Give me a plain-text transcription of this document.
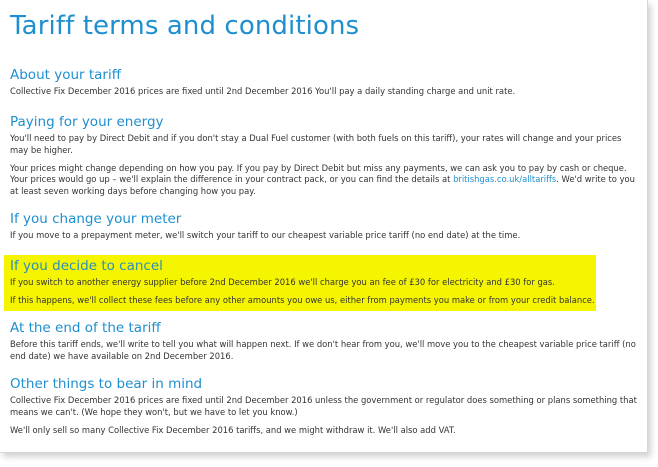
Tariff terms and conditions
About your tariff
Collective Fix December 2016 prices are fixed until 2nd December 2016 You'll pay a daily standing charge and unit rate.
Paying for your energy
You'll need to pay by Direct Debit and if you don't stay a Dual Fuel customer (with both fuels on this tariff), your rates will change and your prices may be higher.
Your prices might change depending on how you pay. If you pay by Direct Debit but miss any payments, we can ask you to pay by cash or cheque. Your prices would go up – we'll explain the difference in your contract pack, or you can find the details at britishgas.co.uk/alltariffs. We'd write to you at least seven working days before changing how you pay.
If you change your meter
If you move to a prepayment meter, we'll switch your tariff to our cheapest variable price tariff (no end date) at the time.
If you decide to cancel
If you switch to another energy supplier before 2nd December 2016 we'll charge you an fee of £30 for electricity and £30 for gas.
If this happens, we'll collect these fees before any other amounts you owe us, either from payments you make or from your credit balance.
At the end of the tariff
Before this tariff ends, we'll write to tell you what will happen next. If we don't hear from you, we'll move you to the cheapest variable price tariff (no end date) we have available on 2nd December 2016.
Other things to bear in mind
Collective Fix December 2016 prices are fixed until 2nd December 2016 unless the government or regulator does something or plans something that means we can't. (We hope they won't, but we have to let you know.)
We'll only sell so many Collective Fix December 2016 tariffs, and we might withdraw it. We'll also add VAT.
